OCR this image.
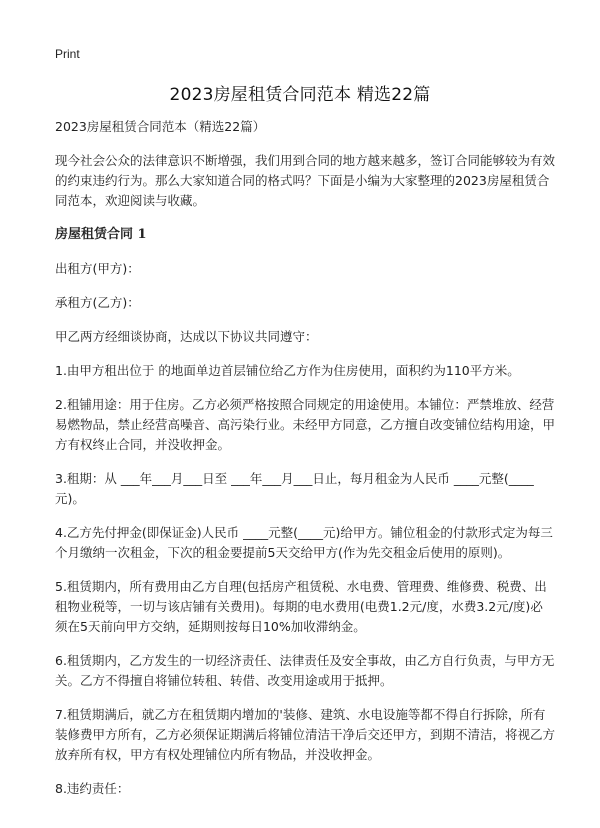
Print
2023房屋租赁合同范本 精选22篇

2023房屋租赁合同范本（精选22篇）

现今社会公众的法律意识不断增强，我们用到合同的地方越来越多，签订合同能够较为有效的约束违约行为。那么大家知道合同的格式吗？下面是小编为大家整理的2023房屋租赁合同范本，欢迎阅读与收藏。

房屋租赁合同 1

出租方(甲方)：

承租方(乙方)：

甲乙两方经细谈协商，达成以下协议共同遵守：

1.由甲方租出位于 的地面单边首层铺位给乙方作为住房使用，面积约为110平方米。

2.租铺用途：用于住房。乙方必须严格按照合同规定的用途使用。本铺位：严禁堆放、经营易燃物品，禁止经营高噪音、高污染行业。未经甲方同意，乙方擅自改变铺位结构用途，甲方有权终止合同，并没收押金。

3.租期：从 ___年___月___日至 ___年___月___日止，每月租金为人民币 ____元整(____元)。

4.乙方先付押金(即保证金)人民币 ____元整(____元)给甲方。铺位租金的付款形式定为每三个月缴纳一次租金，下次的租金要提前5天交给甲方(作为先交租金后使用的原则)。

5.租赁期内，所有费用由乙方自理(包括房产租赁税、水电费、管理费、维修费、税费、出租物业税等，一切与该店铺有关费用)。每期的电水费用(电费1.2元/度，水费3.2元/度)必须在5天前向甲方交纳，延期则按每日10%加收滞纳金。

6.租赁期内，乙方发生的一切经济责任、法律责任及安全事故，由乙方自行负责，与甲方无关。乙方不得擅自将铺位转租、转借、改变用途或用于抵押。

7.租赁期满后，就乙方在租赁期内增加的'装修、建筑、水电设施等都不得自行拆除，所有装修费甲方所有，乙方必须保证期满后将铺位清洁干净后交还甲方，到期不清洁，将视乙方放弃所有权，甲方有权处理铺位内所有物品，并没收押金。

8.违约责任：
